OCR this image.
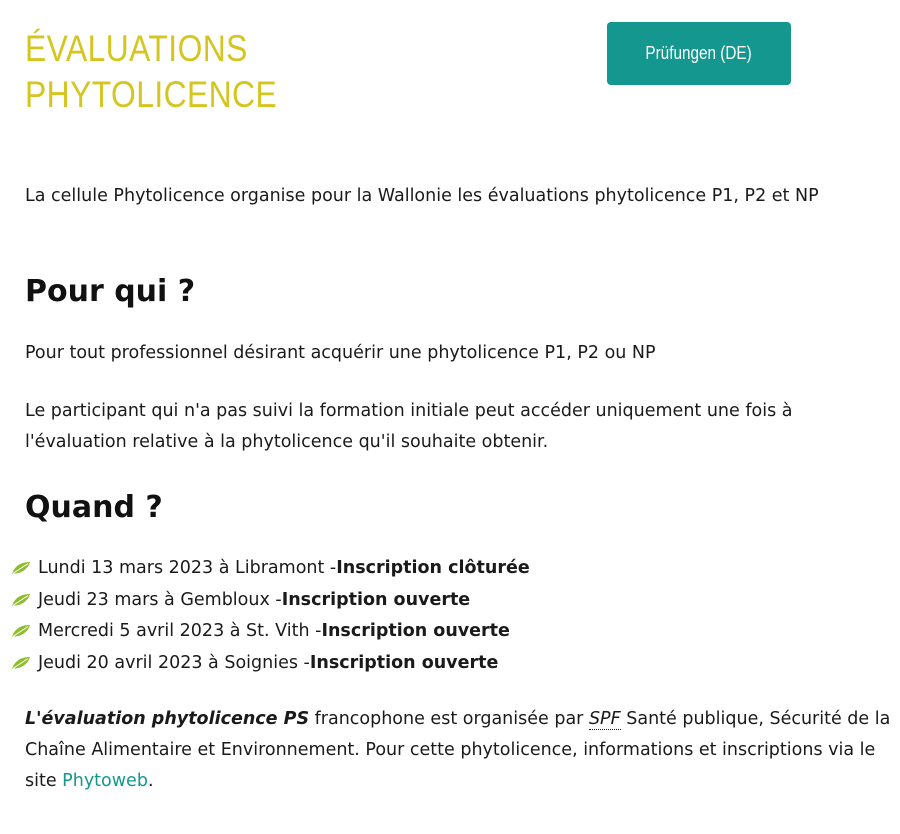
ÉVALUATIONS
PHYTOLICENCE
Prüfungen (DE)

La cellule Phytolicence organise pour la Wallonie les évaluations phytolicence P1, P2 et NP

Pour qui ?

Pour tout professionnel désirant acquérir une phytolicence P1, P2 ou NP

Le participant qui n'a pas suivi la formation initiale peut accéder uniquement une fois à l'évaluation relative à la phytolicence qu'il souhaite obtenir.

Quand ?
Lundi 13 mars 2023 à Libramont - Inscription clôturée
Jeudi 23 mars à Gembloux - Inscription ouverte
Mercredi 5 avril 2023 à St. Vith - Inscription ouverte
Jeudi 20 avril 2023 à Soignies - Inscription ouverte

L'évaluation phytolicence PS francophone est organisée par SPF Santé publique, Sécurité de la Chaîne Alimentaire et Environnement. Pour cette phytolicence, informations et inscriptions via le site Phytoweb.
